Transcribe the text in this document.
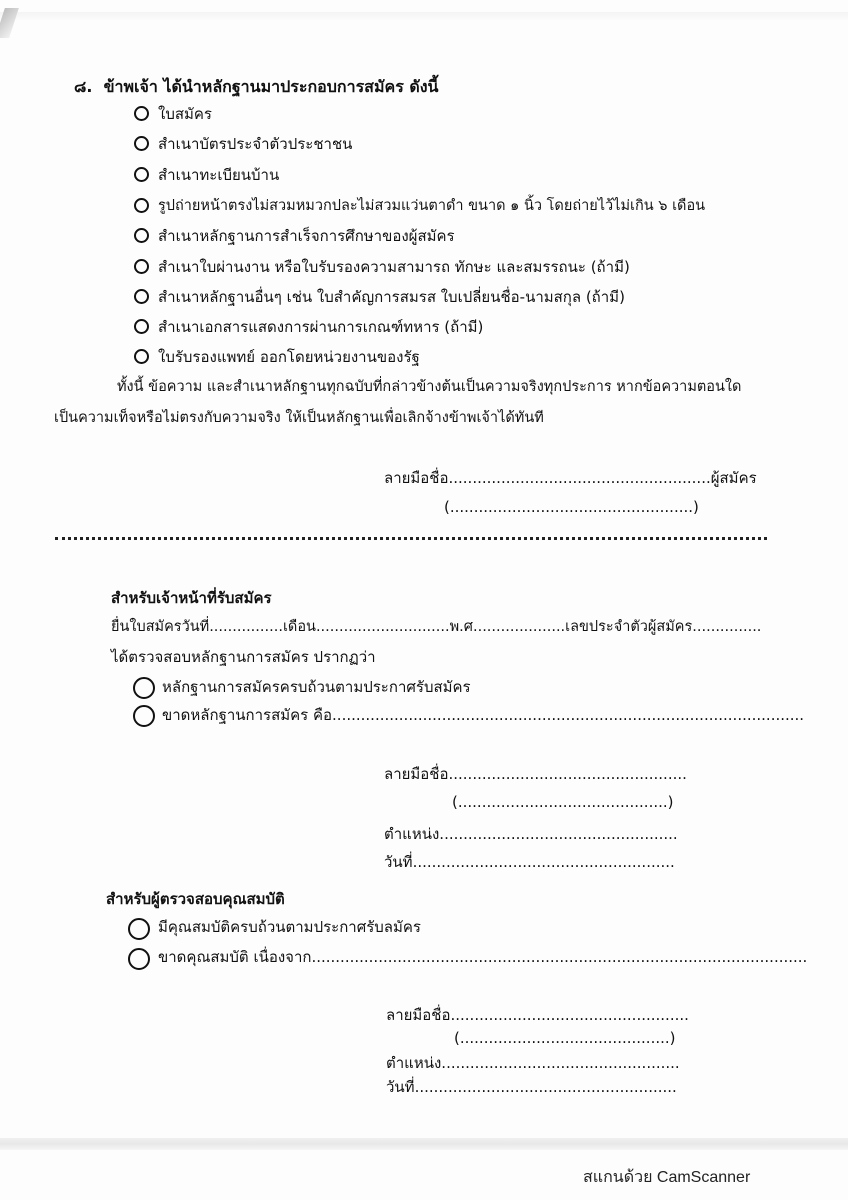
๘. ข้าพเจ้า ได้นำหลักฐานมาประกอบการสมัคร ดังนี้
ใบสมัคร
สำเนาบัตรประจำตัวประชาชน
สำเนาทะเบียนบ้าน
รูปถ่ายหน้าตรงไม่สวมหมวกปละไม่สวมแว่นตาดำ ขนาด ๑ นิ้ว โดยถ่ายไว้ไม่เกิน ๖ เดือน
สำเนาหลักฐานการสำเร็จการศึกษาของผู้สมัคร
สำเนาใบผ่านงาน หรือใบรับรองความสามารถ ทักษะ และสมรรถนะ (ถ้ามี)
สำเนาหลักฐานอื่นๆ เช่น ใบสำคัญการสมรส ใบเปลี่ยนชื่อ-นามสกุล (ถ้ามี)
สำเนาเอกสารแสดงการผ่านการเกณฑ์ทหาร (ถ้ามี)
ใบรับรองแพทย์ ออกโดยหน่วยงานของรัฐ
ทั้งนี้ ข้อความ และสำเนาหลักฐานทุกฉบับที่กล่าวข้างต้นเป็นความจริงทุกประการ หากข้อความตอนใด
เป็นความเท็จหรือไม่ตรงกับความจริง ให้เป็นหลักฐานเพื่อเลิกจ้างข้าพเจ้าได้ทันที
ลายมือชื่อ.......................................................ผู้สมัคร
(...................................................)
สำหรับเจ้าหน้าที่รับสมัคร
ยื่นใบสมัครวันที่................เดือน.............................พ.ศ....................เลขประจำตัวผู้สมัคร...............
ได้ตรวจสอบหลักฐานการสมัคร ปรากฏว่า
หลักฐานการสมัครครบถ้วนตามประกาศรับสมัคร
ขาดหลักฐานการสมัคร คือ...................................................................................................
ลายมือชื่อ..................................................
(............................................)
ตำแหน่ง..................................................
วันที่.......................................................
สำหรับผู้ตรวจสอบคุณสมบัติ
มีคุณสมบัติครบถ้วนตามประกาศรับลมัคร
ขาดคุณสมบัติ เนื่องจาก........................................................................................................
ลายมือชื่อ..................................................
(............................................)
ตำแหน่ง..................................................
วันที่.......................................................
สแกนด้วย CamScanner
